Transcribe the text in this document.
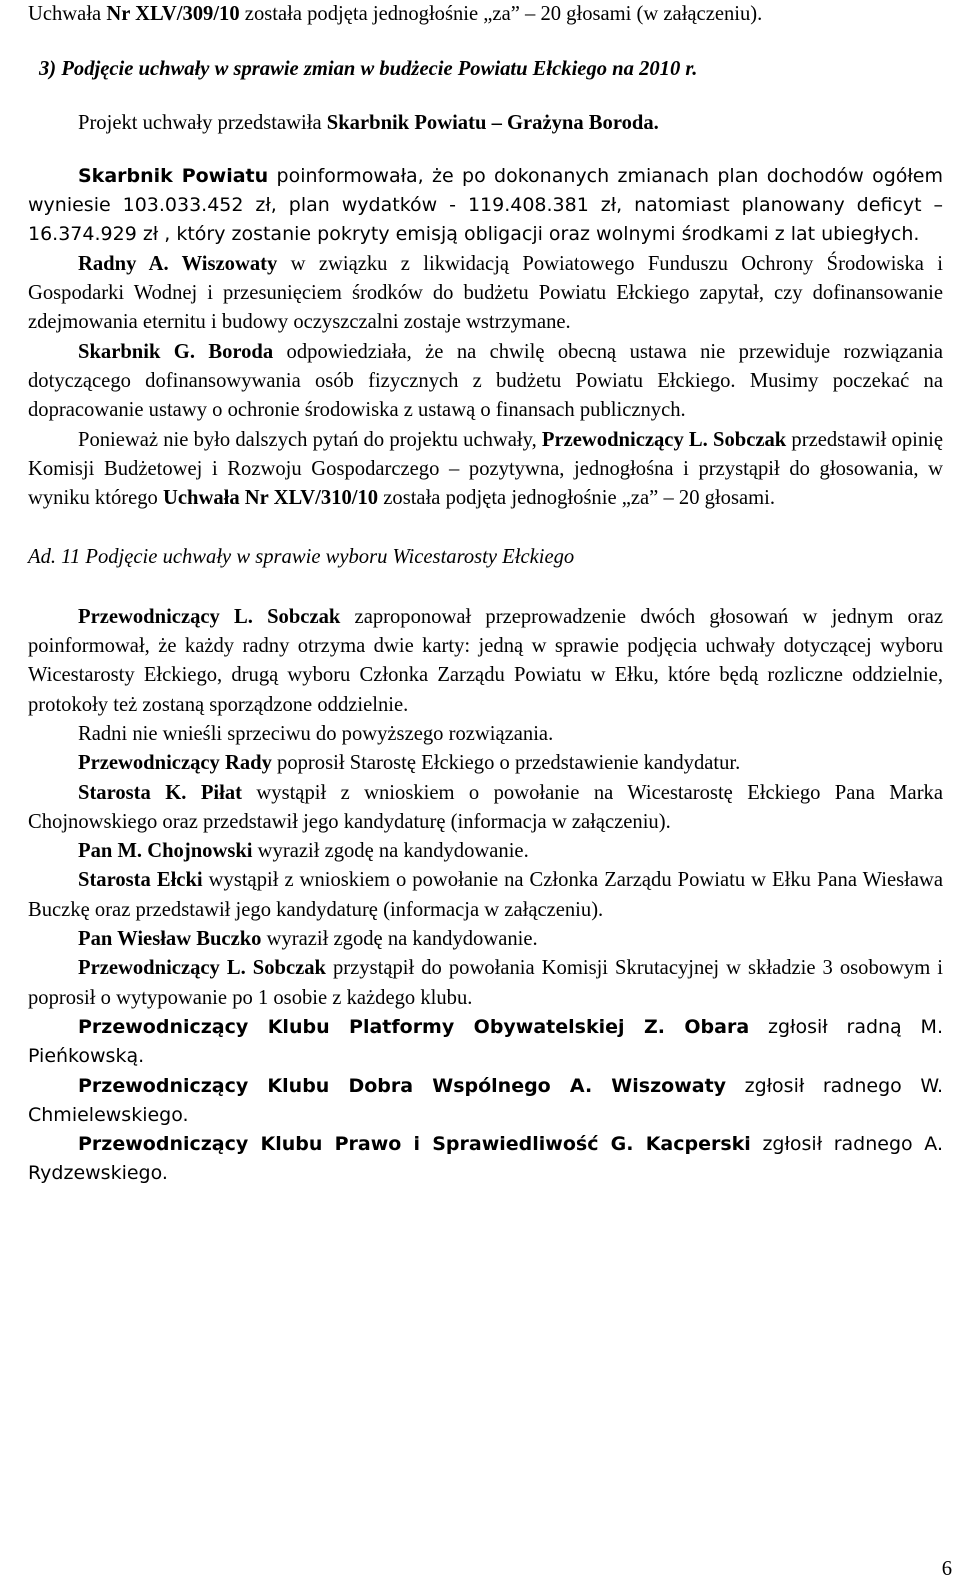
Uchwała Nr XLV/309/10 została podjęta jednogłośnie „za” – 20 głosami (w załączeniu).

3) Podjęcie uchwały w sprawie zmian w budżecie Powiatu Ełckiego na 2010 r.

Projekt uchwały przedstawiła Skarbnik Powiatu – Grażyna Boroda.

Skarbnik Powiatu poinformowała, że po dokonanych zmianach plan dochodów ogółem wyniesie 103.033.452 zł, plan wydatków - 119.408.381 zł, natomiast planowany deficyt – 16.374.929 zł , który zostanie pokryty emisją obligacji oraz wolnymi środkami z lat ubiegłych.

Radny A. Wiszowaty w związku z likwidacją Powiatowego Funduszu Ochrony Środowiska i Gospodarki Wodnej i przesunięciem środków do budżetu Powiatu Ełckiego zapytał, czy dofinansowanie zdejmowania eternitu i budowy oczyszczalni zostaje wstrzymane.

Skarbnik G. Boroda odpowiedziała, że na chwilę obecną ustawa nie przewiduje rozwiązania dotyczącego dofinansowywania osób fizycznych z budżetu Powiatu Ełckiego. Musimy poczekać na dopracowanie ustawy o ochronie środowiska z ustawą o finansach publicznych.

Ponieważ nie było dalszych pytań do projektu uchwały, Przewodniczący L. Sobczak przedstawił opinię Komisji Budżetowej i Rozwoju Gospodarczego – pozytywna, jednogłośna i przystąpił do głosowania, w wyniku którego Uchwała Nr XLV/310/10 została podjęta jednogłośnie „za” – 20 głosami.

Ad. 11 Podjęcie uchwały w sprawie wyboru Wicestarosty Ełckiego

Przewodniczący L. Sobczak zaproponował przeprowadzenie dwóch głosowań w jednym oraz poinformował, że każdy radny otrzyma dwie karty: jedną w sprawie podjęcia uchwały dotyczącej wyboru Wicestarosty Ełckiego, drugą wyboru Członka Zarządu Powiatu w Ełku, które będą rozliczne oddzielnie, protokoły też zostaną sporządzone oddzielnie.

Radni nie wnieśli sprzeciwu do powyższego rozwiązania.

Przewodniczący Rady poprosił Starostę Ełckiego o przedstawienie kandydatur.

Starosta K. Piłat wystąpił z wnioskiem o powołanie na Wicestarostę Ełckiego Pana Marka Chojnowskiego oraz przedstawił jego kandydaturę (informacja w załączeniu).

Pan M. Chojnowski wyraził zgodę na kandydowanie.

Starosta Ełcki wystąpił z wnioskiem o powołanie na Członka Zarządu Powiatu w Ełku Pana Wiesława Buczkę oraz przedstawił jego kandydaturę (informacja w załączeniu).

Pan Wiesław Buczko wyraził zgodę na kandydowanie.

Przewodniczący L. Sobczak przystąpił do powołania Komisji Skrutacyjnej w składzie 3 osobowym i poprosił o wytypowanie po 1 osobie z każdego klubu.

Przewodniczący Klubu Platformy Obywatelskiej Z. Obara zgłosił radną M. Pieńkowską.

Przewodniczący Klubu Dobra Wspólnego A. Wiszowaty zgłosił radnego W. Chmielewskiego.

Przewodniczący Klubu Prawo i Sprawiedliwość G. Kacperski zgłosił radnego A. Rydzewskiego.

6
